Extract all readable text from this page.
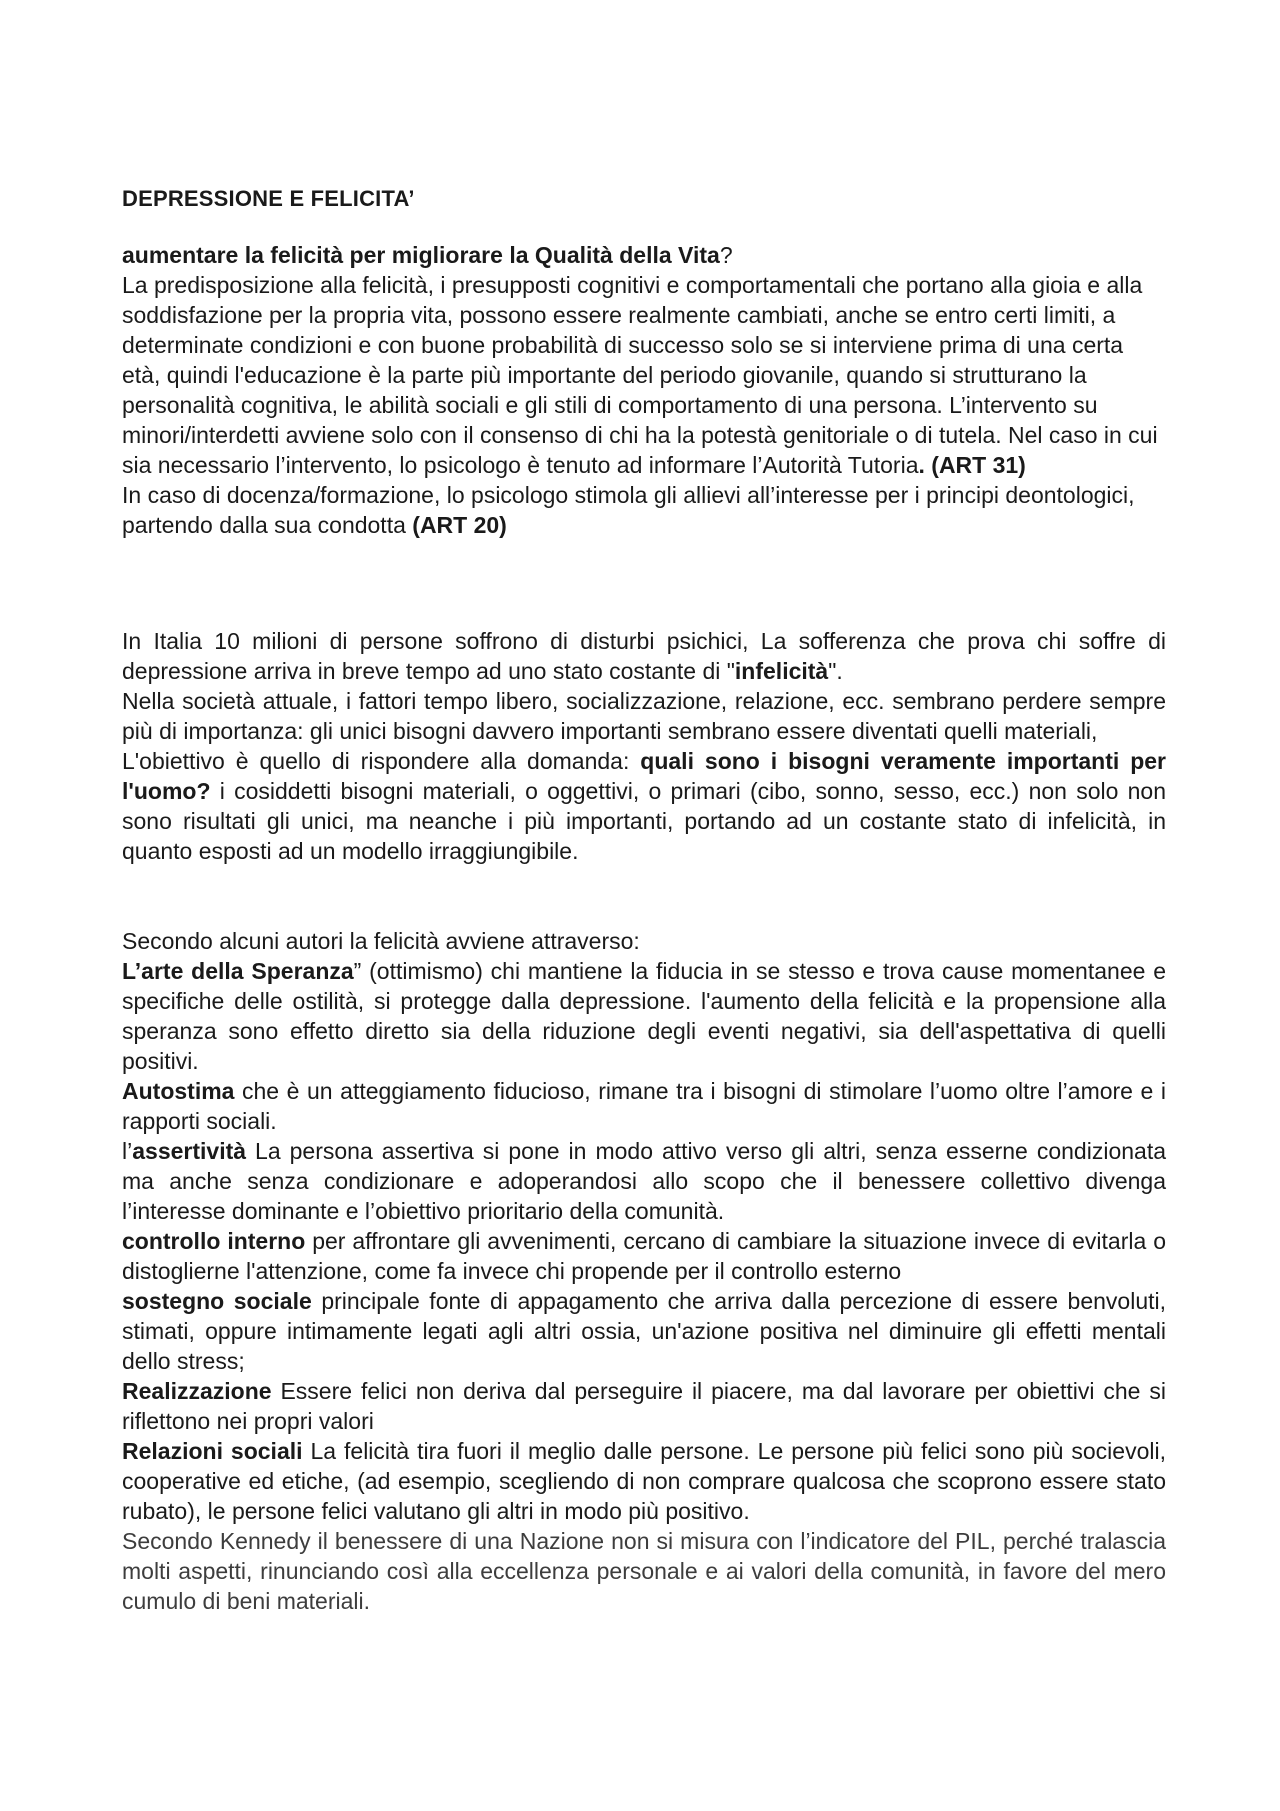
DEPRESSIONE E FELICITA’

aumentare la felicità per migliorare la Qualità della Vita?

La predisposizione alla felicità, i presupposti cognitivi e comportamentali che portano alla gioia e alla soddisfazione per la propria vita, possono essere realmente cambiati, anche se entro certi limiti, a determinate condizioni e con buone probabilità di successo solo se si interviene prima di una certa età, quindi l'educazione è la parte più importante del periodo giovanile, quando si strutturano la personalità cognitiva, le abilità sociali e gli stili di comportamento di una persona. L’intervento su minori/interdetti avviene solo con il consenso di chi ha la potestà genitoriale o di tutela. Nel caso in cui sia necessario l’intervento, lo psicologo è tenuto ad informare l’Autorità Tutoria. (ART 31)

In caso di docenza/formazione, lo psicologo stimola gli allievi all’interesse per i principi deontologici, partendo dalla sua condotta (ART 20)

In Italia 10 milioni di persone soffrono di disturbi psichici, La sofferenza che prova chi soffre di depressione arriva in breve tempo ad uno stato costante di "infelicità".

Nella società attuale, i fattori tempo libero, socializzazione, relazione, ecc. sembrano perdere sempre più di importanza: gli unici bisogni davvero importanti sembrano essere diventati quelli materiali,

L'obiettivo è quello di rispondere alla domanda: quali sono i bisogni veramente importanti per l'uomo? i cosiddetti bisogni materiali, o oggettivi, o primari (cibo, sonno, sesso, ecc.) non solo non sono risultati gli unici, ma neanche i più importanti, portando ad un costante stato di infelicità, in quanto esposti ad un modello irraggiungibile.

Secondo alcuni autori la felicità avviene attraverso:

L’arte della Speranza” (ottimismo) chi mantiene la fiducia in se stesso e trova cause momentanee e specifiche delle ostilità, si protegge dalla depressione. l'aumento della felicità e la propensione alla speranza sono effetto diretto sia della riduzione degli eventi negativi, sia dell'aspettativa di quelli positivi.

Autostima che è un atteggiamento fiducioso, rimane tra i bisogni di stimolare l’uomo oltre l’amore e i rapporti sociali.

l’assertività La persona assertiva si pone in modo attivo verso gli altri, senza esserne condizionata ma anche senza condizionare e adoperandosi allo scopo che il benessere collettivo divenga l’interesse dominante e l’obiettivo prioritario della comunità.

controllo interno per affrontare gli avvenimenti, cercano di cambiare la situazione invece di evitarla o distoglierne l'attenzione, come fa invece chi propende per il controllo esterno

sostegno sociale principale fonte di appagamento che arriva dalla percezione di essere benvoluti, stimati, oppure intimamente legati agli altri ossia, un'azione positiva nel diminuire gli effetti mentali dello stress;

Realizzazione Essere felici non deriva dal perseguire il piacere, ma dal lavorare per obiettivi che si riflettono nei propri valori

Relazioni sociali La felicità tira fuori il meglio dalle persone. Le persone più felici sono più socievoli, cooperative ed etiche, (ad esempio, scegliendo di non comprare qualcosa che scoprono essere stato rubato), le persone felici valutano gli altri in modo più positivo.

Secondo Kennedy il benessere di una Nazione non si misura con l’indicatore del PIL, perché tralascia molti aspetti, rinunciando così alla eccellenza personale e ai valori della comunità, in favore del mero cumulo di beni materiali.
